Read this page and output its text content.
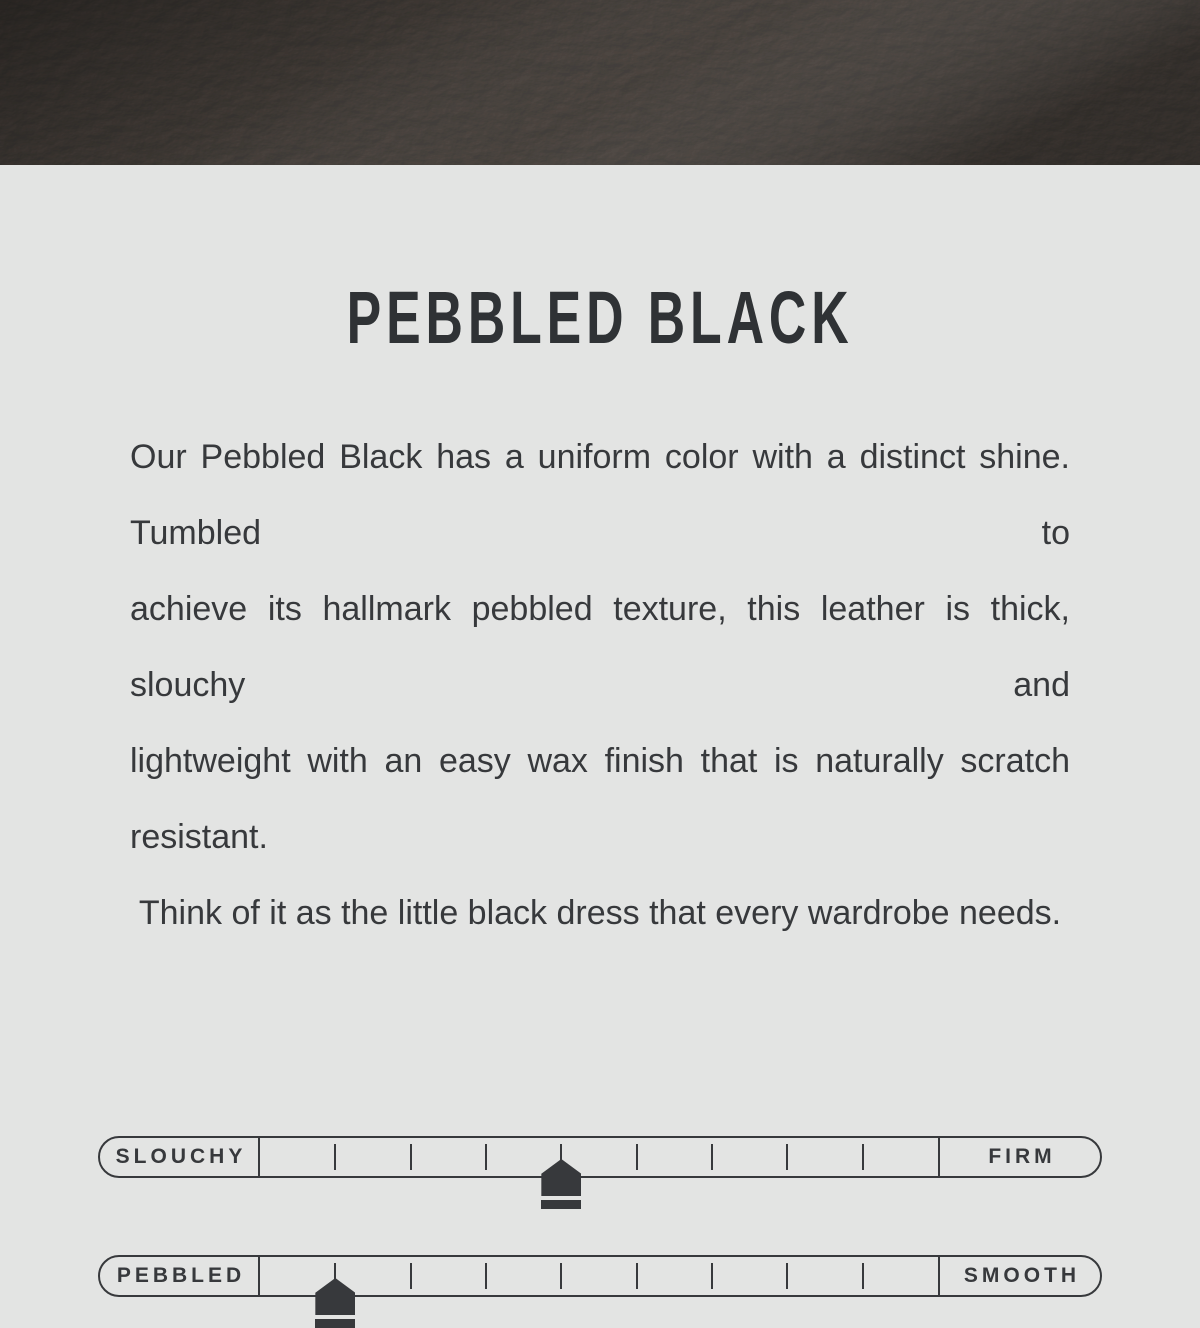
PEBBLED BLACK

Our Pebbled Black has a uniform color with a distinct shine. Tumbled to

achieve its hallmark pebbled texture, this leather is thick, slouchy and

lightweight with an easy wax finish that is naturally scratch resistant.

Think of it as the little black dress that every wardrobe needs.

SLOUCHY	FIRM
PEBBLED	SMOOTH
